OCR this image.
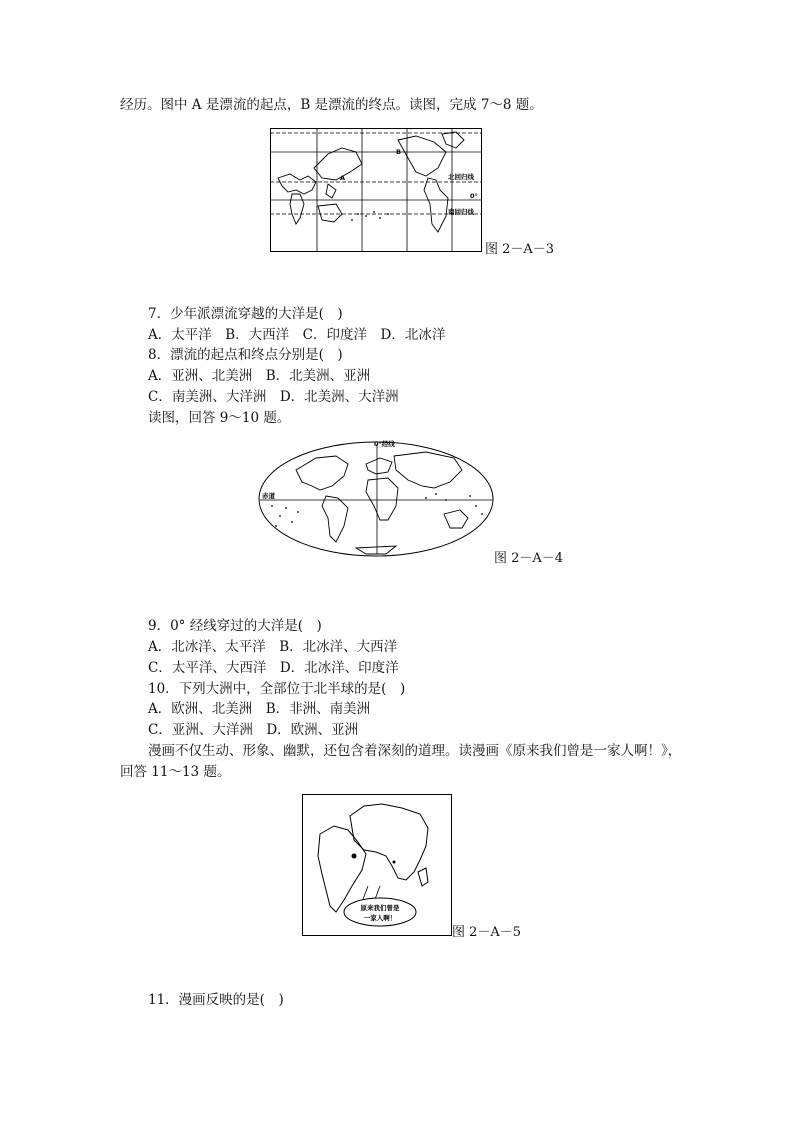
经历。图中 A 是漂流的起点，B 是漂流的终点。读图，完成 7～8 题。
A
B
北回归线
0°
南回归线
图 2－A－3
7．少年派漂流穿越的大洋是(　)
A．太平洋　B．大西洋　C．印度洋　D．北冰洋
8．漂流的起点和终点分别是(　)
A．亚洲、北美洲　B．北美洲、亚洲
C．南美洲、大洋洲　D．北美洲、大洋洲
读图，回答 9～10 题。
0°经线
赤道
图 2－A－4
9．0° 经线穿过的大洋是(　)
A．北冰洋、太平洋　B．北冰洋、大西洋
C．太平洋、大西洋　D．北冰洋、印度洋
10．下列大洲中，全部位于北半球的是(　)
A．欧洲、北美洲　B．非洲、南美洲
C．亚洲、大洋洲　D．欧洲、亚洲
漫画不仅生动、形象、幽默，还包含着深刻的道理。读漫画《原来我们曾是一家人啊！》，
回答 11～13 题。
原来我们曾是
一家人啊！
图 2－A－5
11．漫画反映的是(　)
